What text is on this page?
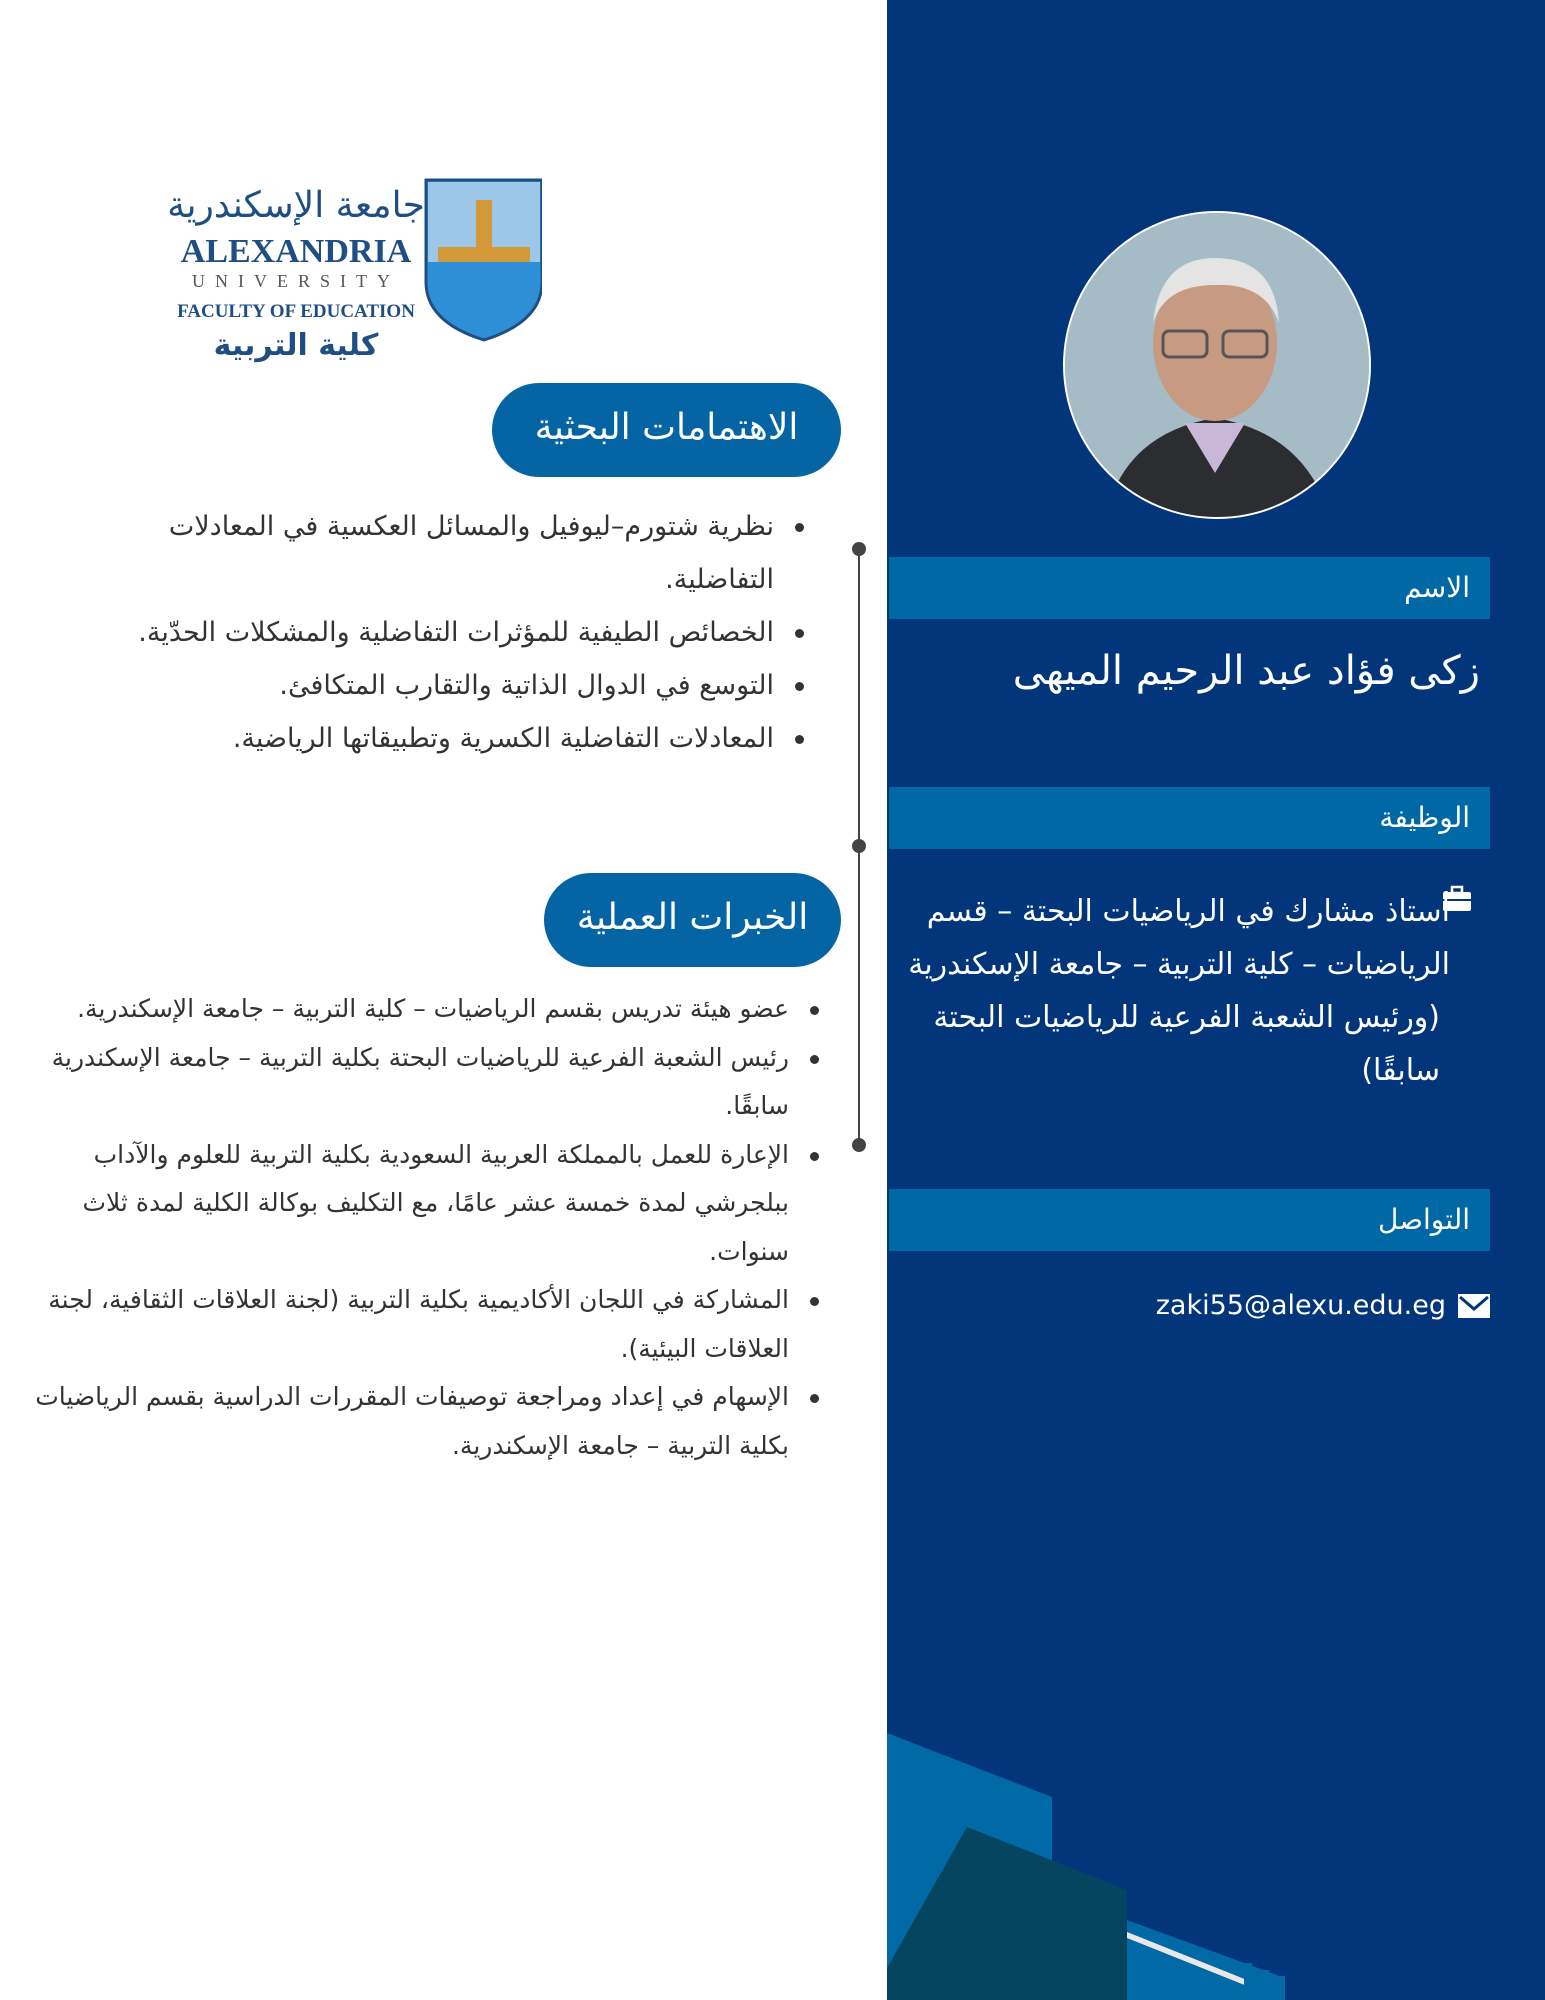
الاسم
زكى فؤاد عبد الرحيم الميهى
الوظيفة
أستاذ مشارك في الرياضيات البحتة – قسم الرياضيات – كلية التربية – جامعة الإسكندرية
(ورئيس الشعبة الفرعية للرياضيات البحتة سابقًا)
التواصل
zaki55@alexu.edu.eg
جامعة الإسكندرية
ALEXANDRIA
UNIVERSITY
FACULTY OF EDUCATION
كلية التربية
الاهتمامات البحثية
نظرية شتورم–ليوفيل والمسائل العكسية في المعادلات التفاضلية.
الخصائص الطيفية للمؤثرات التفاضلية والمشكلات الحدّية.
التوسع في الدوال الذاتية والتقارب المتكافئ.
المعادلات التفاضلية الكسرية وتطبيقاتها الرياضية.
الخبرات العملية
عضو هيئة تدريس بقسم الرياضيات – كلية التربية – جامعة الإسكندرية.
رئيس الشعبة الفرعية للرياضيات البحتة بكلية التربية – جامعة الإسكندرية سابقًا.
الإعارة للعمل بالمملكة العربية السعودية بكلية التربية للعلوم والآداب ببلجرشي لمدة خمسة عشر عامًا، مع التكليف بوكالة الكلية لمدة ثلاث سنوات.
المشاركة في اللجان الأكاديمية بكلية التربية (لجنة العلاقات الثقافية، لجنة العلاقات البيئية).
الإسهام في إعداد ومراجعة توصيفات المقررات الدراسية بقسم الرياضيات بكلية التربية – جامعة الإسكندرية.
